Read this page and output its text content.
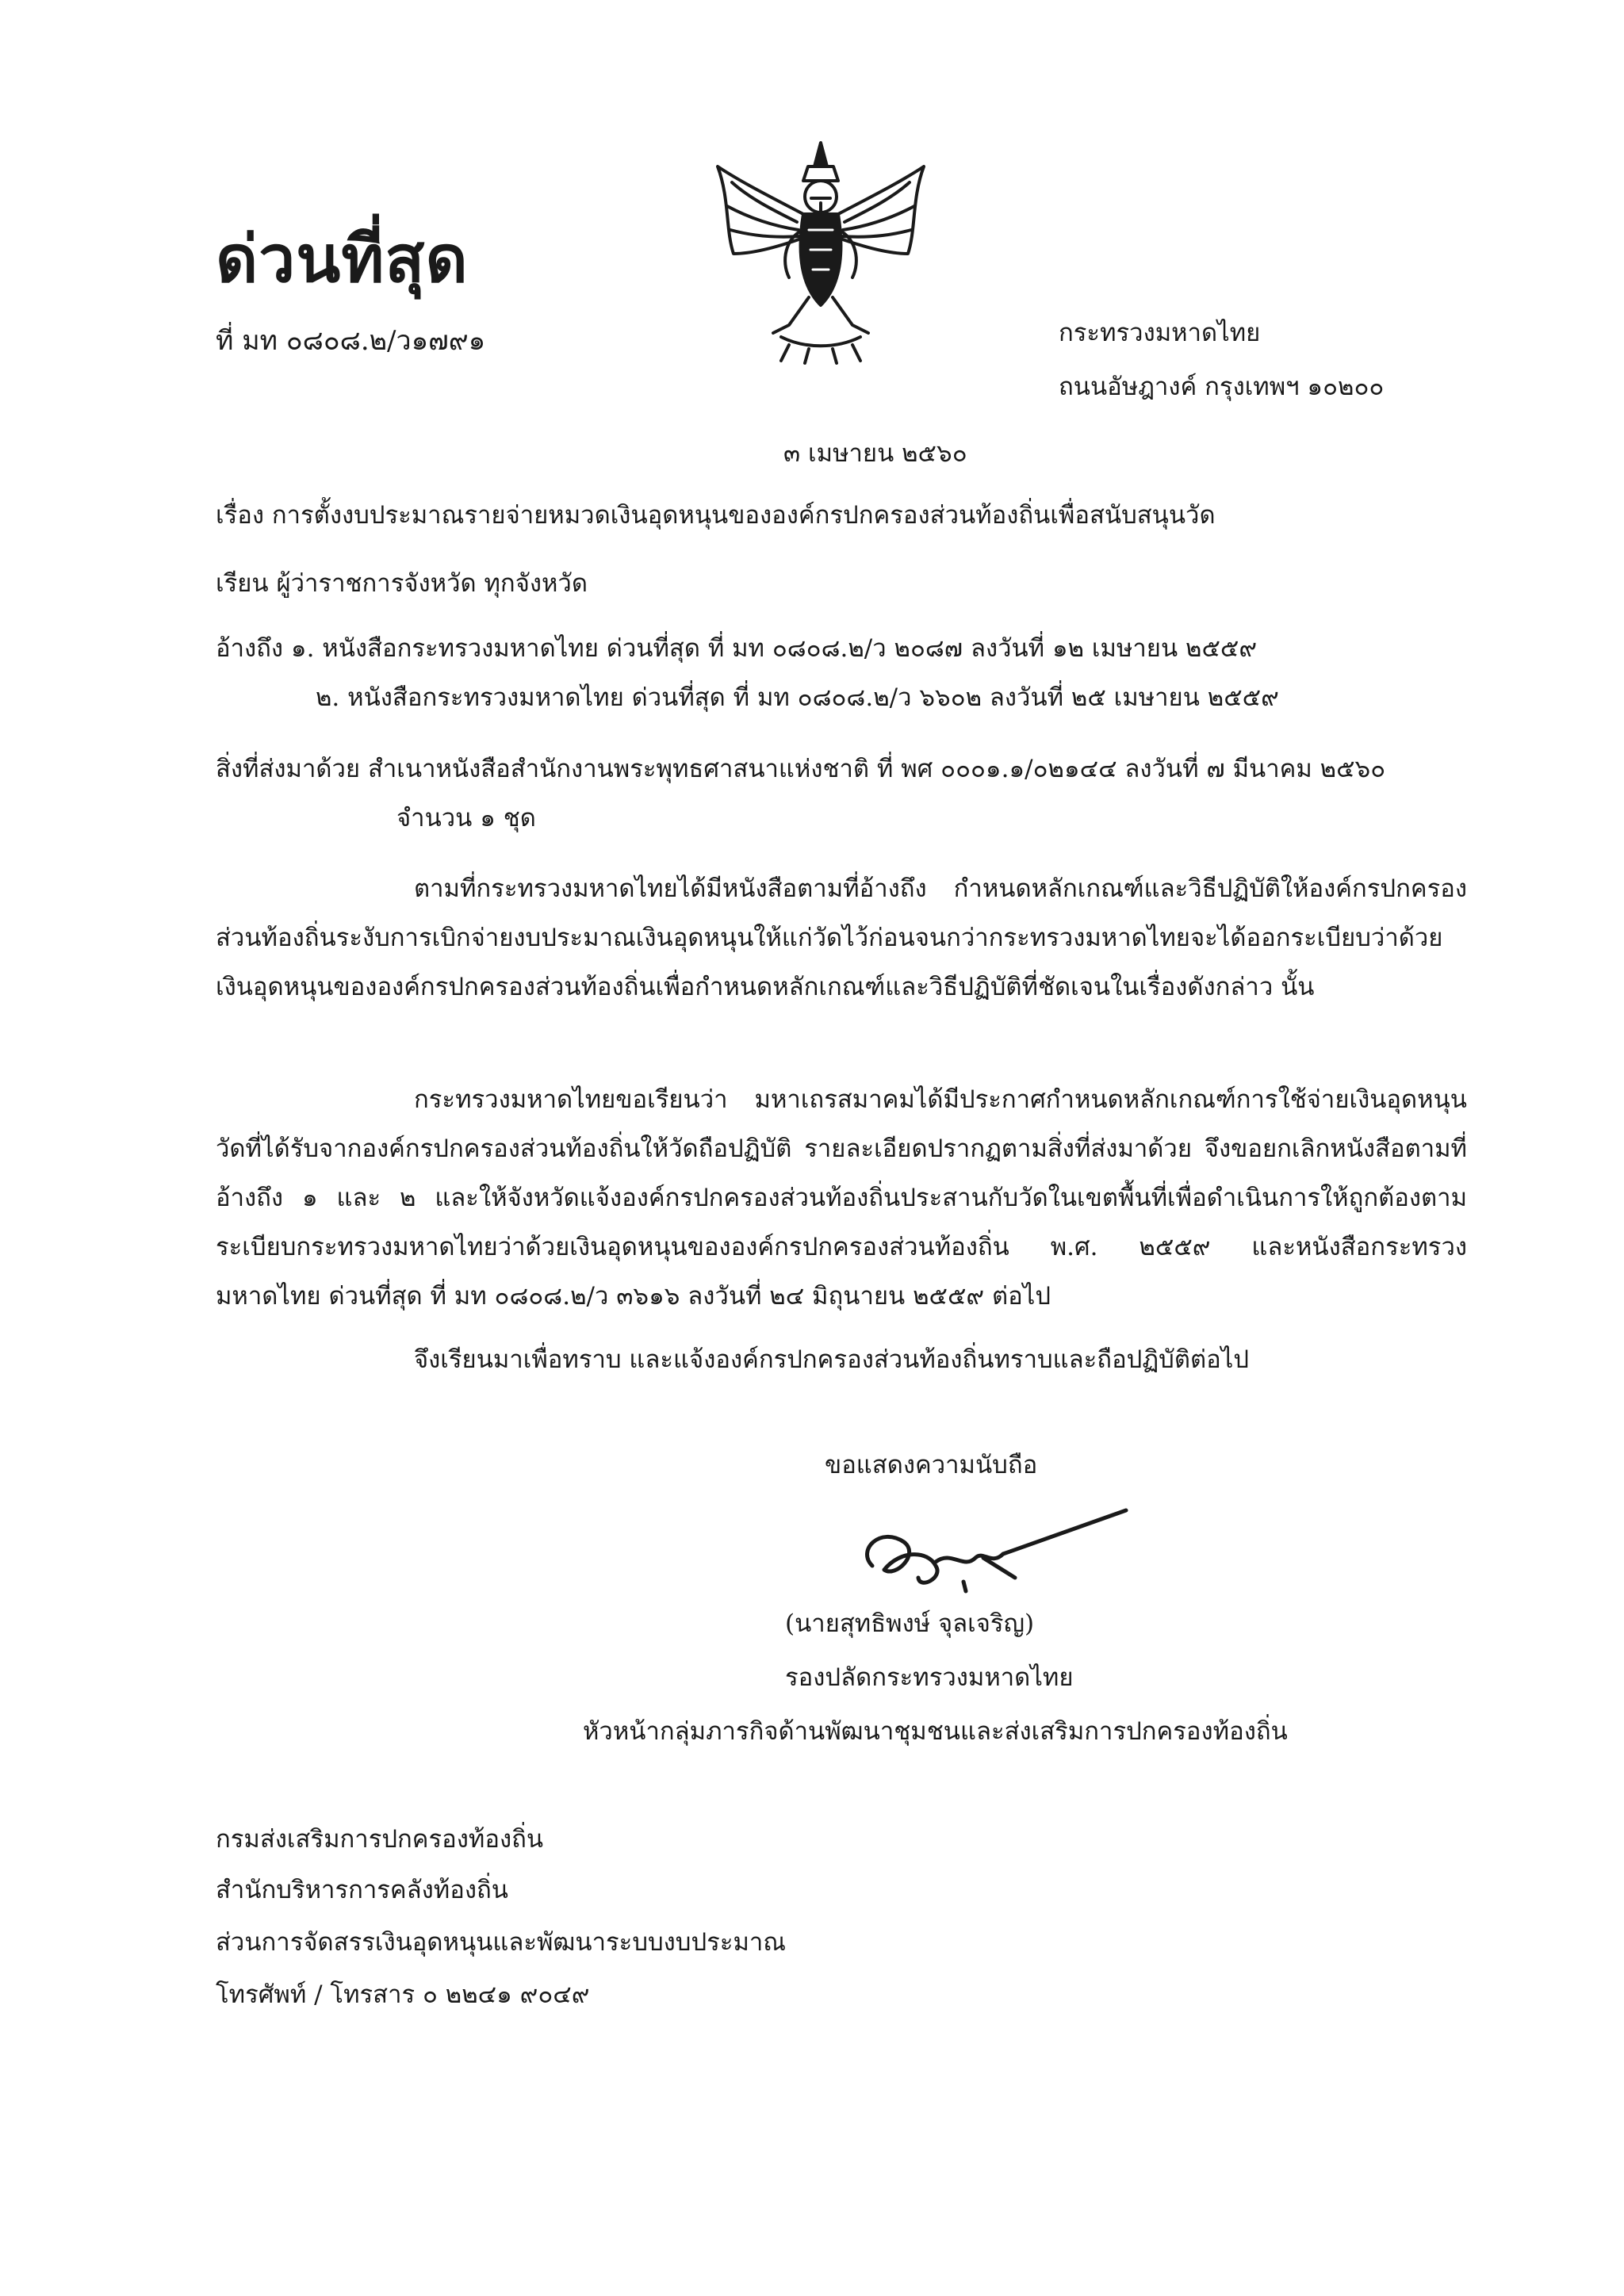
ด่วนที่สุด
ที่ มท ๐๘๐๘.๒/ว๑๗๙๑	กระทรวงมหาดไทย
ถนนอัษฎางค์ กรุงเทพฯ ๑๐๒๐๐
๓ เมษายน ๒๕๖๐
เรื่อง การตั้งงบประมาณรายจ่ายหมวดเงินอุดหนุนขององค์กรปกครองส่วนท้องถิ่นเพื่อสนับสนุนวัด
เรียน ผู้ว่าราชการจังหวัด ทุกจังหวัด
อ้างถึง ๑. หนังสือกระทรวงมหาดไทย ด่วนที่สุด ที่ มท ๐๘๐๘.๒/ว ๒๐๘๗ ลงวันที่ ๑๒ เมษายน ๒๕๕๙
๒. หนังสือกระทรวงมหาดไทย ด่วนที่สุด ที่ มท ๐๘๐๘.๒/ว ๖๖๐๒ ลงวันที่ ๒๕ เมษายน ๒๕๕๙
สิ่งที่ส่งมาด้วย สำเนาหนังสือสำนักงานพระพุทธศาสนาแห่งชาติ ที่ พศ ๐๐๐๑.๑/๐๒๑๔๔ ลงวันที่ ๗ มีนาคม ๒๕๖๐
จำนวน ๑ ชุด

ตามที่กระทรวงมหาดไทยได้มีหนังสือตามที่อ้างถึง กำหนดหลักเกณฑ์และวิธีปฏิบัติให้องค์กรปกครองส่วนท้องถิ่นระงับการเบิกจ่ายงบประมาณเงินอุดหนุนให้แก่วัดไว้ก่อนจนกว่ากระทรวงมหาดไทยจะได้ออกระเบียบว่าด้วยเงินอุดหนุนขององค์กรปกครองส่วนท้องถิ่นเพื่อกำหนดหลักเกณฑ์และวิธีปฏิบัติที่ชัดเจนในเรื่องดังกล่าว นั้น

กระทรวงมหาดไทยขอเรียนว่า มหาเถรสมาคมได้มีประกาศกำหนดหลักเกณฑ์การใช้จ่ายเงินอุดหนุนวัดที่ได้รับจากองค์กรปกครองส่วนท้องถิ่นให้วัดถือปฏิบัติ รายละเอียดปรากฏตามสิ่งที่ส่งมาด้วย จึงขอยกเลิกหนังสือตามที่อ้างถึง ๑ และ ๒ และให้จังหวัดแจ้งองค์กรปกครองส่วนท้องถิ่นประสานกับวัดในเขตพื้นที่เพื่อดำเนินการให้ถูกต้องตามระเบียบกระทรวงมหาดไทยว่าด้วยเงินอุดหนุนขององค์กรปกครองส่วนท้องถิ่น พ.ศ. ๒๕๕๙ และหนังสือกระทรวงมหาดไทย ด่วนที่สุด ที่ มท ๐๘๐๘.๒/ว ๓๖๑๖ ลงวันที่ ๒๔ มิถุนายน ๒๕๕๙ ต่อไป

จึงเรียนมาเพื่อทราบ และแจ้งองค์กรปกครองส่วนท้องถิ่นทราบและถือปฏิบัติต่อไป

ขอแสดงความนับถือ
(นายสุทธิพงษ์ จุลเจริญ)
รองปลัดกระทรวงมหาดไทย
หัวหน้ากลุ่มภารกิจด้านพัฒนาชุมชนและส่งเสริมการปกครองท้องถิ่น
กรมส่งเสริมการปกครองท้องถิ่น
สำนักบริหารการคลังท้องถิ่น
ส่วนการจัดสรรเงินอุดหนุนและพัฒนาระบบงบประมาณ
โทรศัพท์ / โทรสาร ๐ ๒๒๔๑ ๙๐๔๙
